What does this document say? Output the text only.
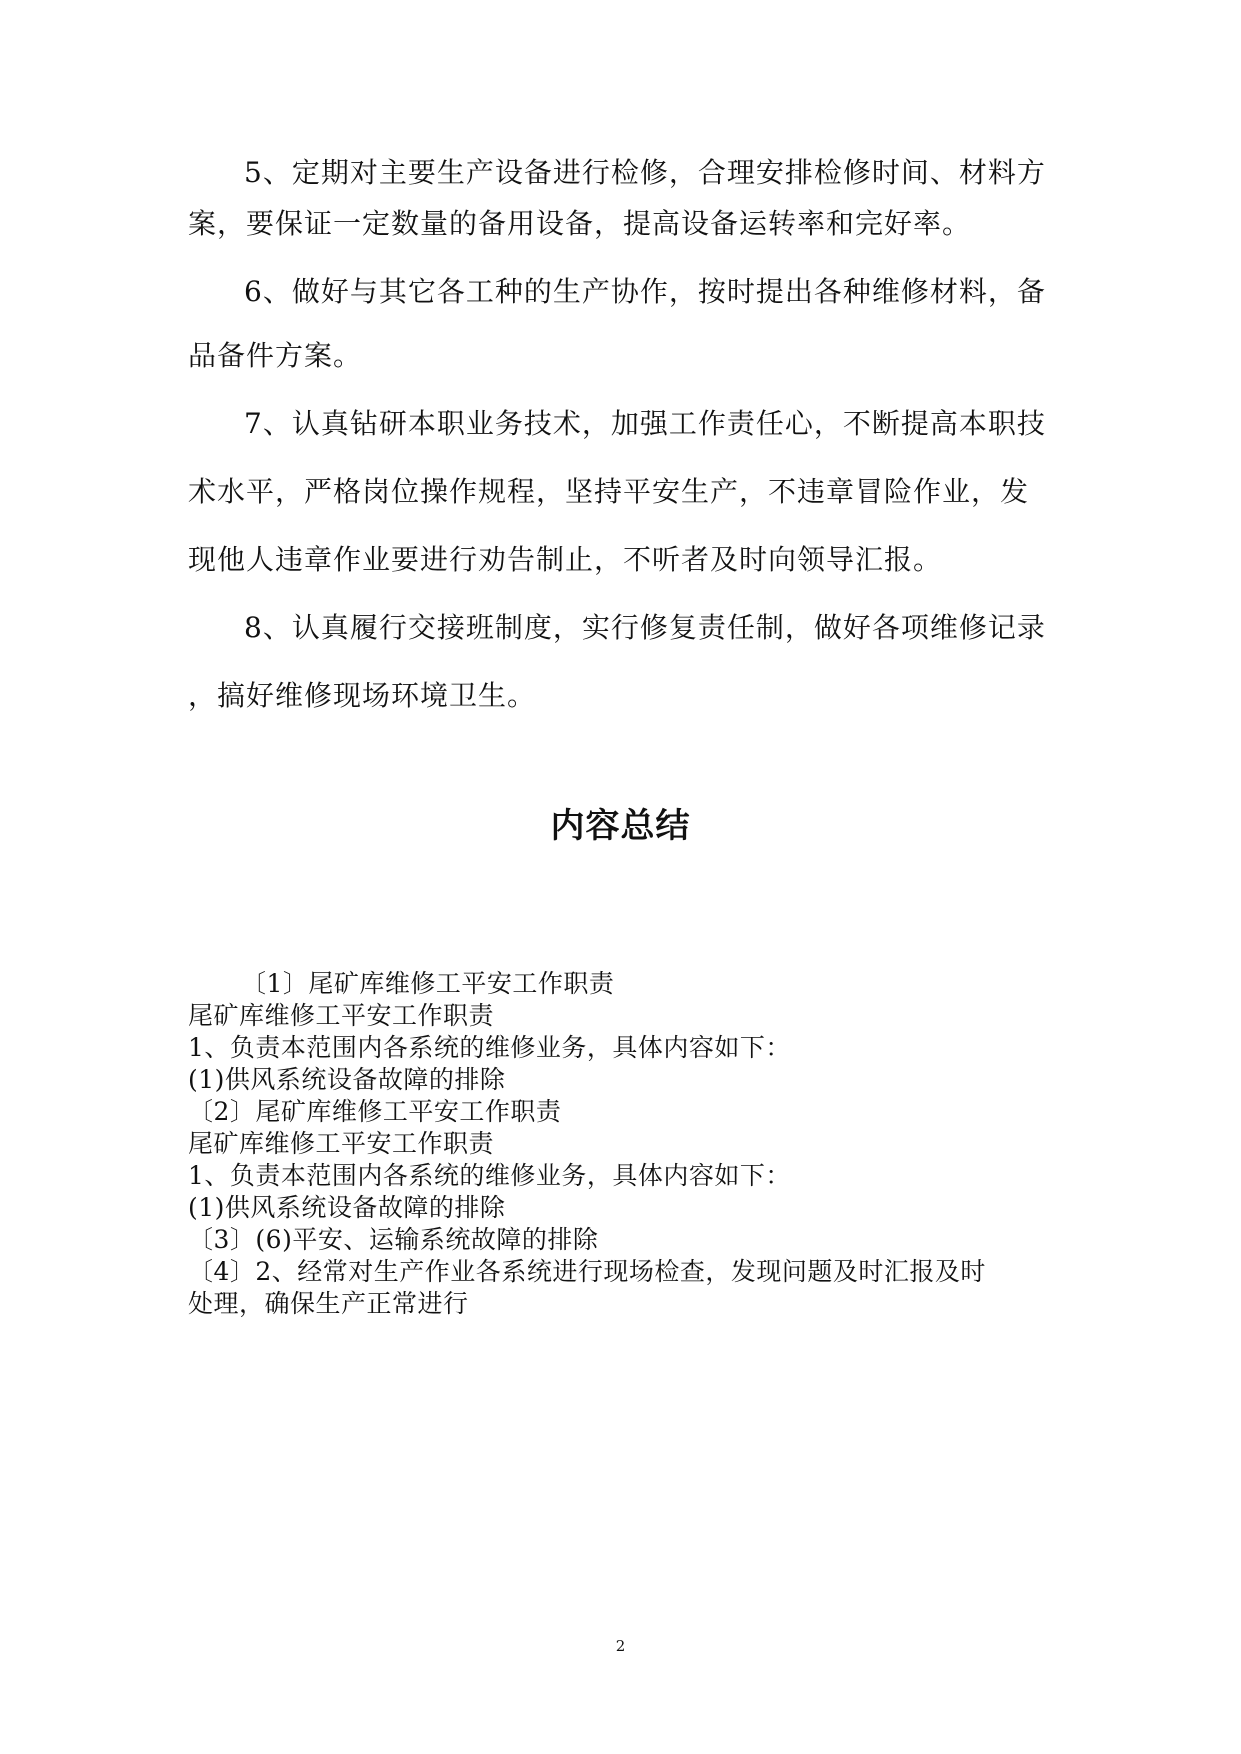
5、定期对主要生产设备进行检修，合理安排检修时间、材料方
案，要保证一定数量的备用设备，提高设备运转率和完好率。
6、做好与其它各工种的生产协作，按时提出各种维修材料，备
品备件方案。
7、认真钻研本职业务技术，加强工作责任心，不断提高本职技
术水平，严格岗位操作规程，坚持平安生产，不违章冒险作业，发
现他人违章作业要进行劝告制止，不听者及时向领导汇报。
8、认真履行交接班制度，实行修复责任制，做好各项维修记录
，搞好维修现场环境卫生。
内容总结
〔1〕尾矿库维修工平安工作职责
尾矿库维修工平安工作职责
1、负责本范围内各系统的维修业务，具体内容如下：
(1)供风系统设备故障的排除
〔2〕尾矿库维修工平安工作职责
尾矿库维修工平安工作职责
1、负责本范围内各系统的维修业务，具体内容如下：
(1)供风系统设备故障的排除
〔3〕(6)平安、运输系统故障的排除
〔4〕2、经常对生产作业各系统进行现场检查，发现问题及时汇报及时
处理，确保生产正常进行
2
